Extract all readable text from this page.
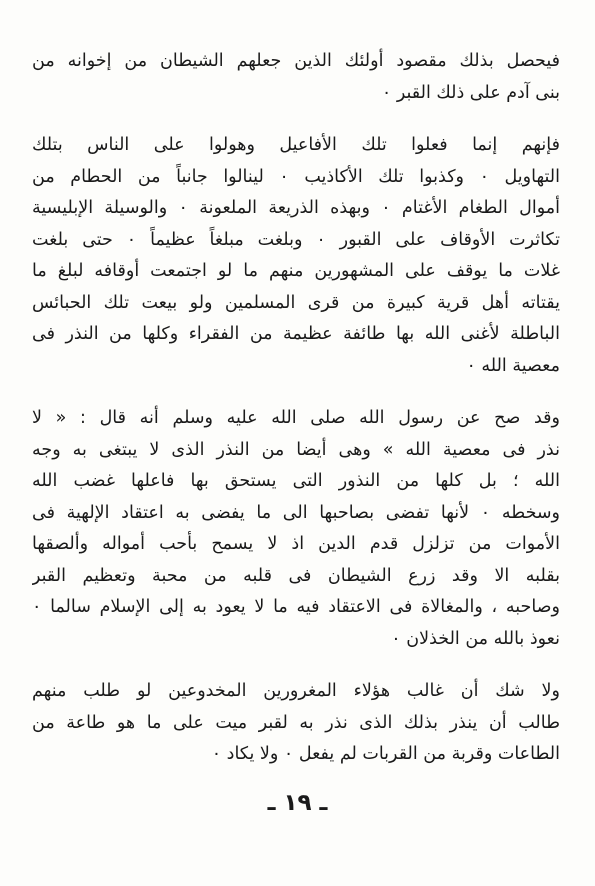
فيحصل بذلك مقصود أولئك الذين جعلهم الشيطان من إخوانه من
بنى آدم على ذلك القبر ٠
فإنهم إنما فعلوا تلك الأفاعيل وهولوا على الناس بتلك
التهاويل ٠ وكذبوا تلك الأكاذيب ٠ لينالوا جانباً من الحطام من
أموال الطغام الأغتام ٠ وبهذه الذريعة الملعونة ٠ والوسيلة الإبليسية
تكاثرت الأوقاف على القبور ٠ وبلغت مبلغاً عظيماً ٠ حتى بلغت
غلات ما يوقف على المشهورين منهم ما لو اجتمعت أوقافه لبلغ ما
يقتاته أهل قرية كبيرة من قرى المسلمين ولو بيعت تلك الحبائس
الباطلة لأغنى الله بها طائفة عظيمة من الفقراء وكلها من النذر فى
معصية الله ٠
وقد صح عن رسول الله صلى الله عليه وسلم أنه قال : « لا
نذر فى معصية الله » وهى أيضا من النذر الذى لا يبتغى به وجه
الله ؛ بل كلها من النذور التى يستحق بها فاعلها غضب الله
وسخطه ٠ لأنها تفضى بصاحبها الى ما يفضى به اعتقاد الإلهية فى
الأموات من تزلزل قدم الدين اذ لا يسمح بأحب أمواله وألصقها
بقلبه الا وقد زرع الشيطان فى قلبه من محبة وتعظيم القبر
وصاحبه ، والمغالاة فى الاعتقاد فيه ما لا يعود به إلى الإسلام سالما ٠
نعوذ بالله من الخذلان ٠
ولا شك أن غالب هؤلاء المغرورين المخدوعين لو طلب منهم
طالب أن ينذر بذلك الذى نذر به لقبر ميت على ما هو طاعة من
الطاعات وقربة من القربات لم يفعل ٠ ولا يكاد ٠
ـ ١٩ ـ
